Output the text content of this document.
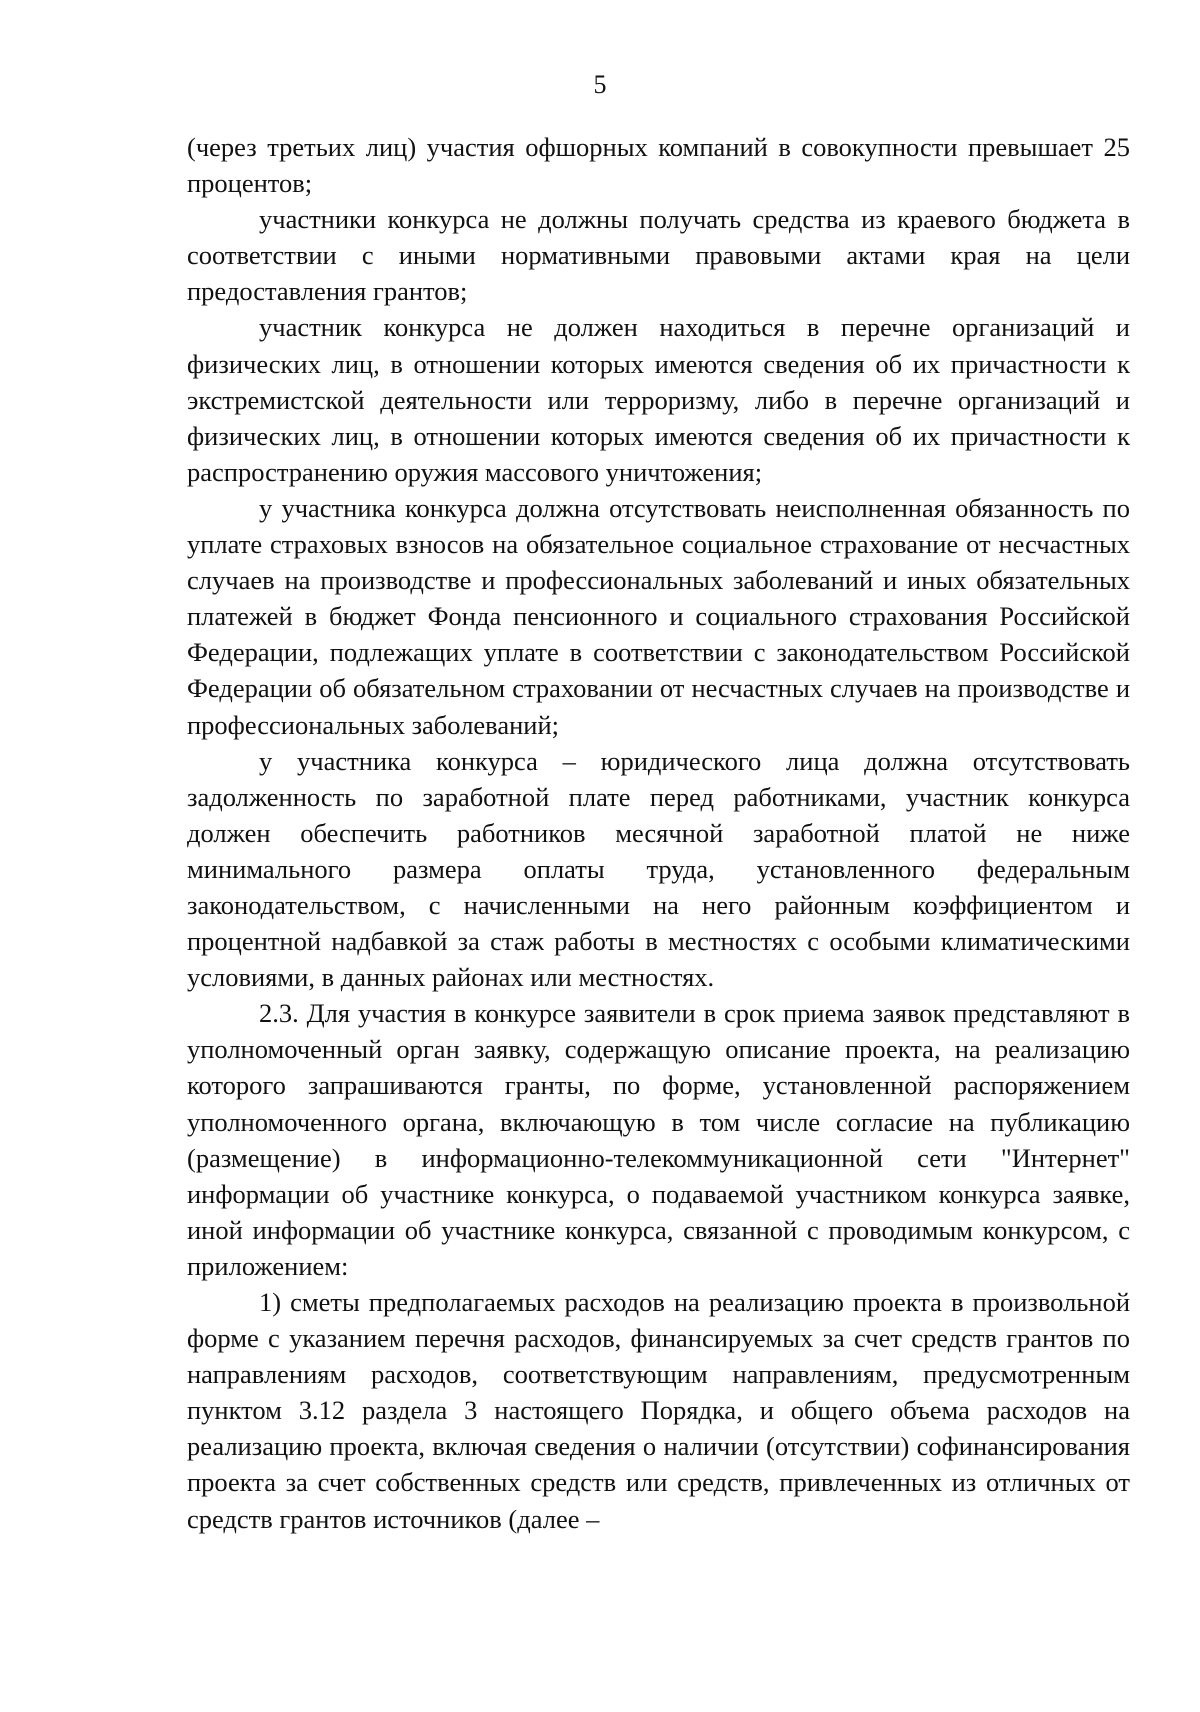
5

(через третьих лиц) участия офшорных компаний в совокупности превышает 25 процентов;

участники конкурса не должны получать средства из краевого бюджета в соответствии с иными нормативными правовыми актами края на цели предоставления грантов;

участник конкурса не должен находиться в перечне организаций и физических лиц, в отношении которых имеются сведения об их причастности к экстремистской деятельности или терроризму, либо в перечне организаций и физических лиц, в отношении которых имеются сведения об их причастности к распространению оружия массового уничтожения;

у участника конкурса должна отсутствовать неисполненная обязанность по уплате страховых взносов на обязательное социальное страхование от несчастных случаев на производстве и профессиональных заболеваний и иных обязательных платежей в бюджет Фонда пенсионного и социального страхования Российской Федерации, подлежащих уплате в соответствии с законодательством Российской Федерации об обязательном страховании от несчастных случаев на производстве и профессиональных заболеваний;

у участника конкурса – юридического лица должна отсутствовать задолженность по заработной плате перед работниками, участник конкурса должен обеспечить работников месячной заработной платой не ниже минимального размера оплаты труда, установленного федеральным законодательством, с начисленными на него районным коэффициентом и процентной надбавкой за стаж работы в местностях с особыми климатическими условиями, в данных районах или местностях.

2.3. Для участия в конкурсе заявители в срок приема заявок представляют в уполномоченный орган заявку, содержащую описание проекта, на реализацию которого запрашиваются гранты, по форме, установленной распоряжением уполномоченного органа, включающую в том числе согласие на публикацию (размещение) в информационно-телекоммуникационной сети "Интернет" информации об участнике конкурса, о подаваемой участником конкурса заявке, иной информации об участнике конкурса, связанной с проводимым конкурсом, с приложением:

1) сметы предполагаемых расходов на реализацию проекта в произвольной форме с указанием перечня расходов, финансируемых за счет средств грантов по направлениям расходов, соответствующим направлениям, предусмотренным пунктом 3.12 раздела 3 настоящего Порядка, и общего объема расходов на реализацию проекта, включая сведения о наличии (отсутствии) софинансирования проекта за счет собственных средств или средств, привлеченных из отличных от средств грантов источников (далее –
